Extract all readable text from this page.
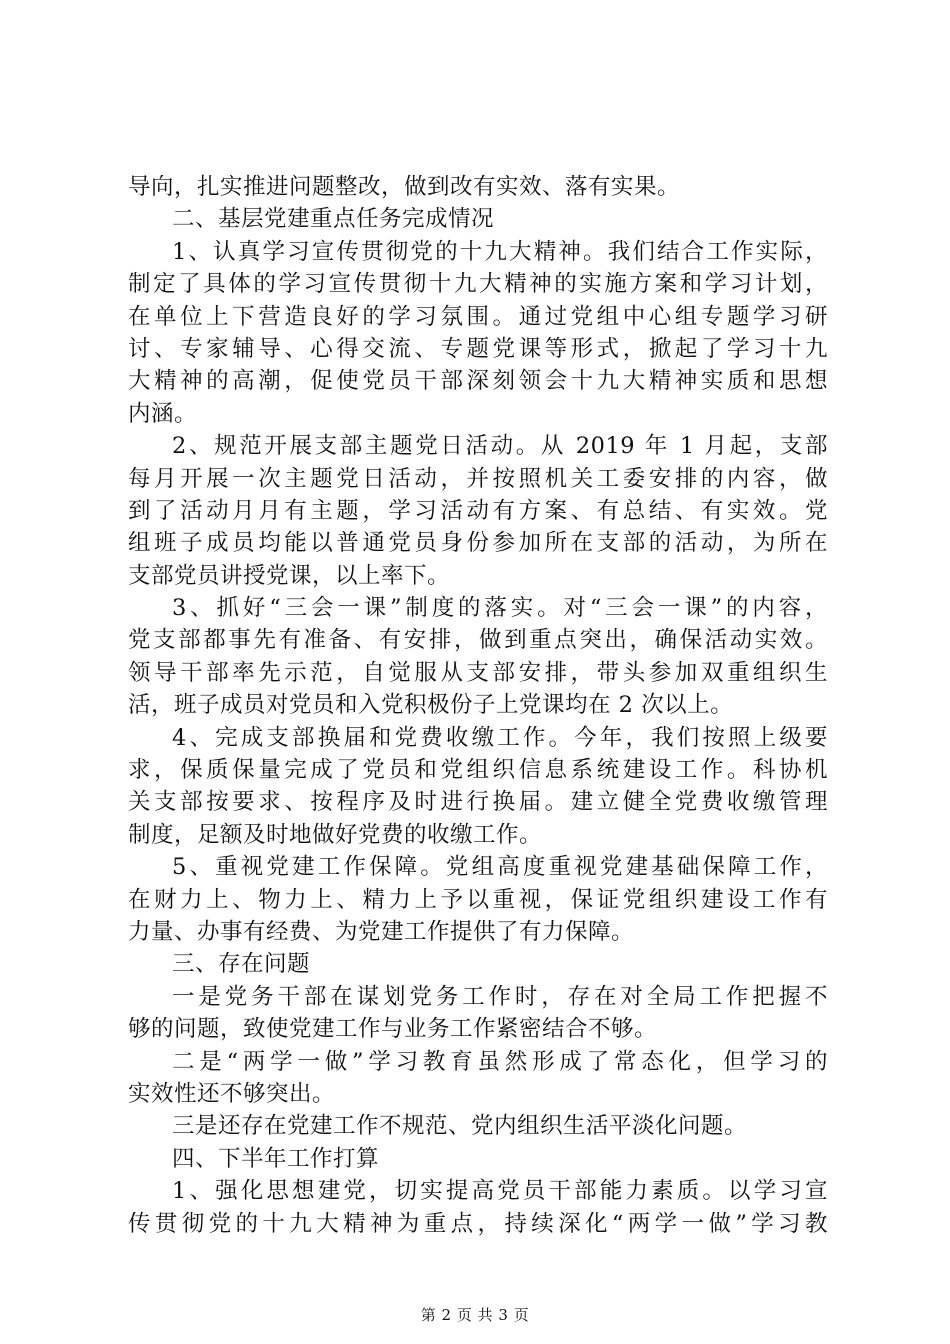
导向，扎实推进问题整改，做到改有实效、落有实果。
二、基层党建重点任务完成情况
1、认真学习宣传贯彻党的十九大精神。我们结合工作实际，
制定了具体的学习宣传贯彻十九大精神的实施方案和学习计划，
在单位上下营造良好的学习氛围。通过党组中心组专题学习研
讨、专家辅导、心得交流、专题党课等形式，掀起了学习十九
大精神的高潮，促使党员干部深刻领会十九大精神实质和思想
内涵。
2、规范开展支部主题党日活动。从 2019 年 1 月起，支部
每月开展一次主题党日活动，并按照机关工委安排的内容，做
到了活动月月有主题，学习活动有方案、有总结、有实效。党
组班子成员均能以普通党员身份参加所在支部的活动，为所在
支部党员讲授党课，以上率下。
3、抓好“三会一课”制度的落实。对“三会一课”的内容，
党支部都事先有准备、有安排，做到重点突出，确保活动实效。
领导干部率先示范，自觉服从支部安排，带头参加双重组织生
活，班子成员对党员和入党积极份子上党课均在 2 次以上。
4、完成支部换届和党费收缴工作。今年，我们按照上级要
求，保质保量完成了党员和党组织信息系统建设工作。科协机
关支部按要求、按程序及时进行换届。建立健全党费收缴管理
制度，足额及时地做好党费的收缴工作。
5、重视党建工作保障。党组高度重视党建基础保障工作，
在财力上、物力上、精力上予以重视，保证党组织建设工作有
力量、办事有经费、为党建工作提供了有力保障。
三、存在问题
一是党务干部在谋划党务工作时，存在对全局工作把握不
够的问题，致使党建工作与业务工作紧密结合不够。
二是“两学一做”学习教育虽然形成了常态化，但学习的
实效性还不够突出。
三是还存在党建工作不规范、党内组织生活平淡化问题。
四、下半年工作打算
1、强化思想建党，切实提高党员干部能力素质。以学习宣
传贯彻党的十九大精神为重点，持续深化“两学一做”学习教
第 2 页 共 3 页
